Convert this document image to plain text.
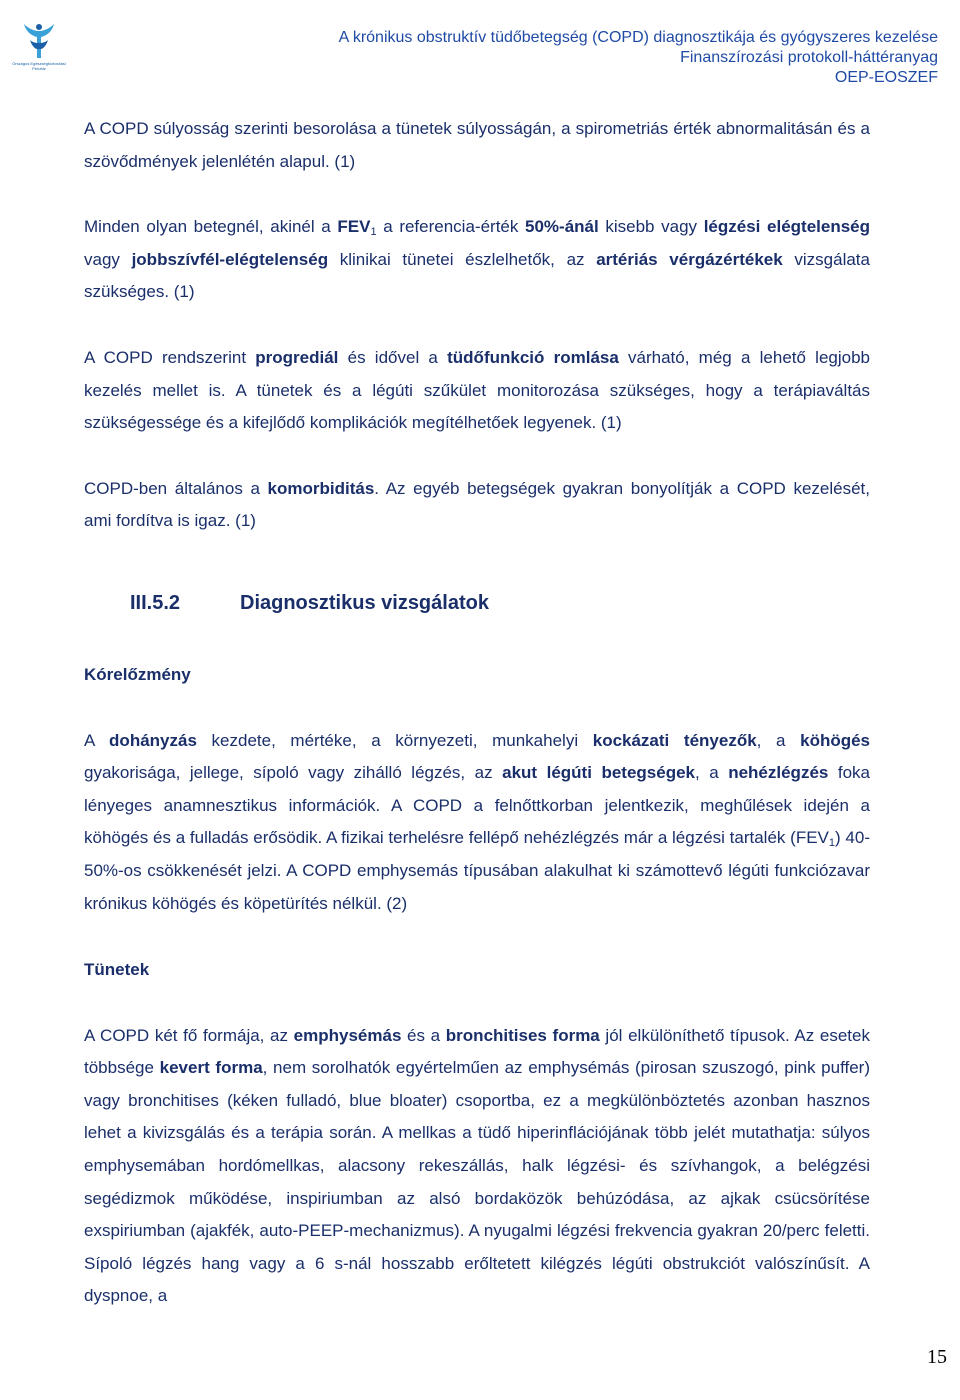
Országos Egészségbiztosítási Pénztár
A krónikus obstruktív tüdőbetegség (COPD) diagnosztikája és gyógyszeres kezelése
Finanszírozási protokoll-háttéranyag
OEP-EOSZEF

A COPD súlyosság szerinti besorolása a tünetek súlyosságán, a spirometriás érték abnormalitásán és a szövődmények jelenlétén alapul. (1)

Minden olyan betegnél, akinél a $FEV_1$ a referencia-érték 50%-ánál kisebb vagy légzési elégtelenség vagy jobbszívfél-elégtelenség klinikai tünetei észlelhetők, az artériás vérgázértékek vizsgálata szükséges. (1)

A COPD rendszerint progrediál és idővel a tüdőfunkció romlása várható, még a lehető legjobb kezelés mellet is. A tünetek és a légúti szűkület monitorozása szükséges, hogy a terápiaváltás szükségessége és a kifejlődő komplikációk megítélhetőek legyenek. (1)

COPD-ben általános a komorbiditás. Az egyéb betegségek gyakran bonyolítják a COPD kezelését, ami fordítva is igaz. (1)

III.5.2	Diagnosztikus vizsgálatok
Kórelőzmény

A dohányzás kezdete, mértéke, a környezeti, munkahelyi kockázati tényezők, a köhögés gyakorisága, jellege, sípoló vagy zihálló légzés, az akut légúti betegségek, a nehézlégzés foka lényeges anamnesztikus információk. A COPD a felnőttkorban jelentkezik, meghűlések idején a köhögés és a fulladás erősödik. A fizikai terhelésre fellépő nehézlégzés már a légzési tartalék $(FEV_1)$ 40-50%-os csökkenését jelzi. A COPD emphysemás típusában alakulhat ki számottevő légúti funkciózavar krónikus köhögés és köpetürítés nélkül. (2)

Tünetek

A COPD két fő formája, az emphysémás és a bronchitises forma jól elkülöníthető típusok. Az esetek többsége kevert forma, nem sorolhatók egyértelműen az emphysémás (pirosan szuszogó, pink puffer) vagy bronchitises (kéken fulladó, blue bloater) csoportba, ez a megkülönböztetés azonban hasznos lehet a kivizsgálás és a terápia során. A mellkas a tüdő hiperinflációjának több jelét mutathatja: súlyos emphysemában hordómellkas, alacsony rekeszállás, halk légzési- és szívhangok, a belégzési segédizmok működése, inspiriumban az alsó bordaközök behúzódása, az ajkak csücsörítése exspiriumban (ajakfék, auto-PEEP-mechanizmus). A nyugalmi légzési frekvencia gyakran 20/perc feletti. Sípoló légzés hang vagy a 6 s-nál hosszabb erőltetett kilégzés légúti obstrukciót valószínűsít. A dyspnoe, a

15
